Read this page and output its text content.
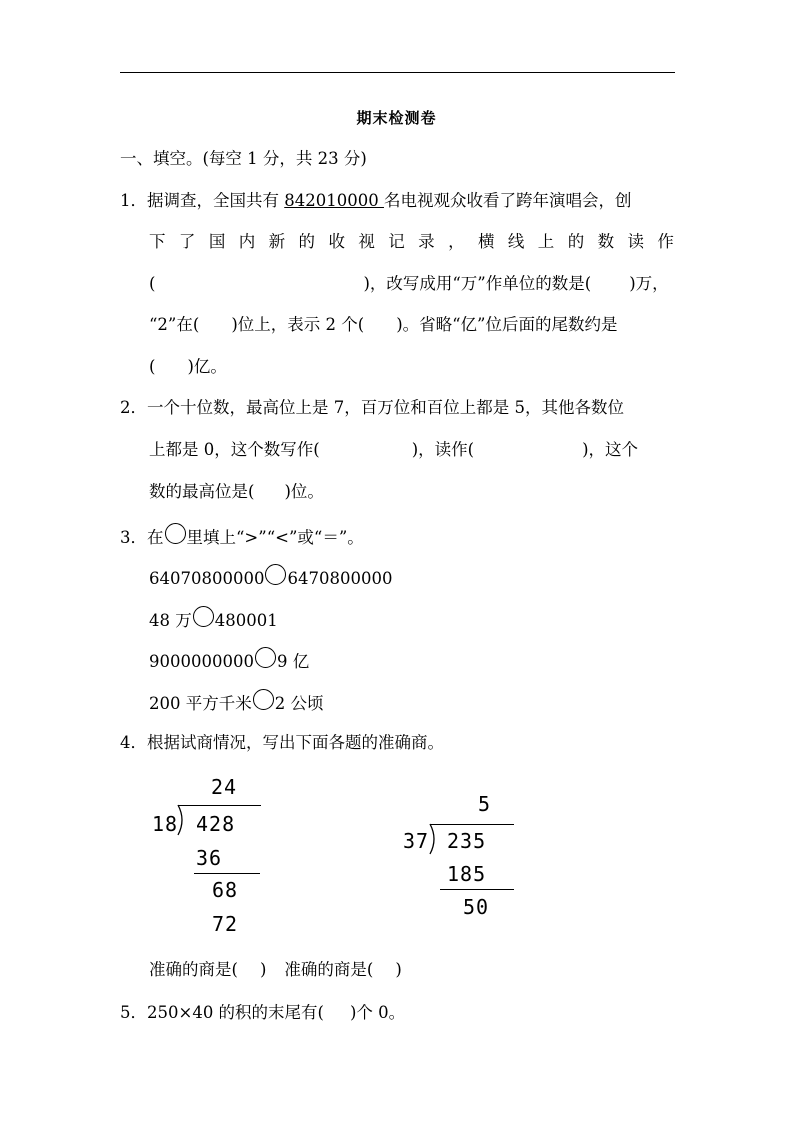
期末检测卷
一、填空。(每空 1 分，共 23 分)
1．据调查，全国共有 842010000 名电视观众收看了跨年演唱会，创
下 了 国 内 新 的 收 视 记 录 ， 横 线 上 的 数 读 作
(	)，改写成用“万”作单位的数是( )万，
“2”在( )位上，表示 2 个( )。省略“亿”位后面的尾数约是
( )亿。
2．一个十位数，最高位上是 7，百万位和百位上都是 5，其他各数位
上都是 0，这个数写作(	)，读作(	)，这个
数的最高位是( )位。
3．在 里填上“>”“<”或“＝”。
64070800000 6470800000
48 万 480001
9000000000 9 亿
200 平方千米 2 公顷
4．根据试商情况，写出下面各题的准确商。
24
18 428
36
68
72
5
37 235
185
50
准确的商是( ) 准确的商是( )
5．250×40 的积的末尾有( )个 0。
